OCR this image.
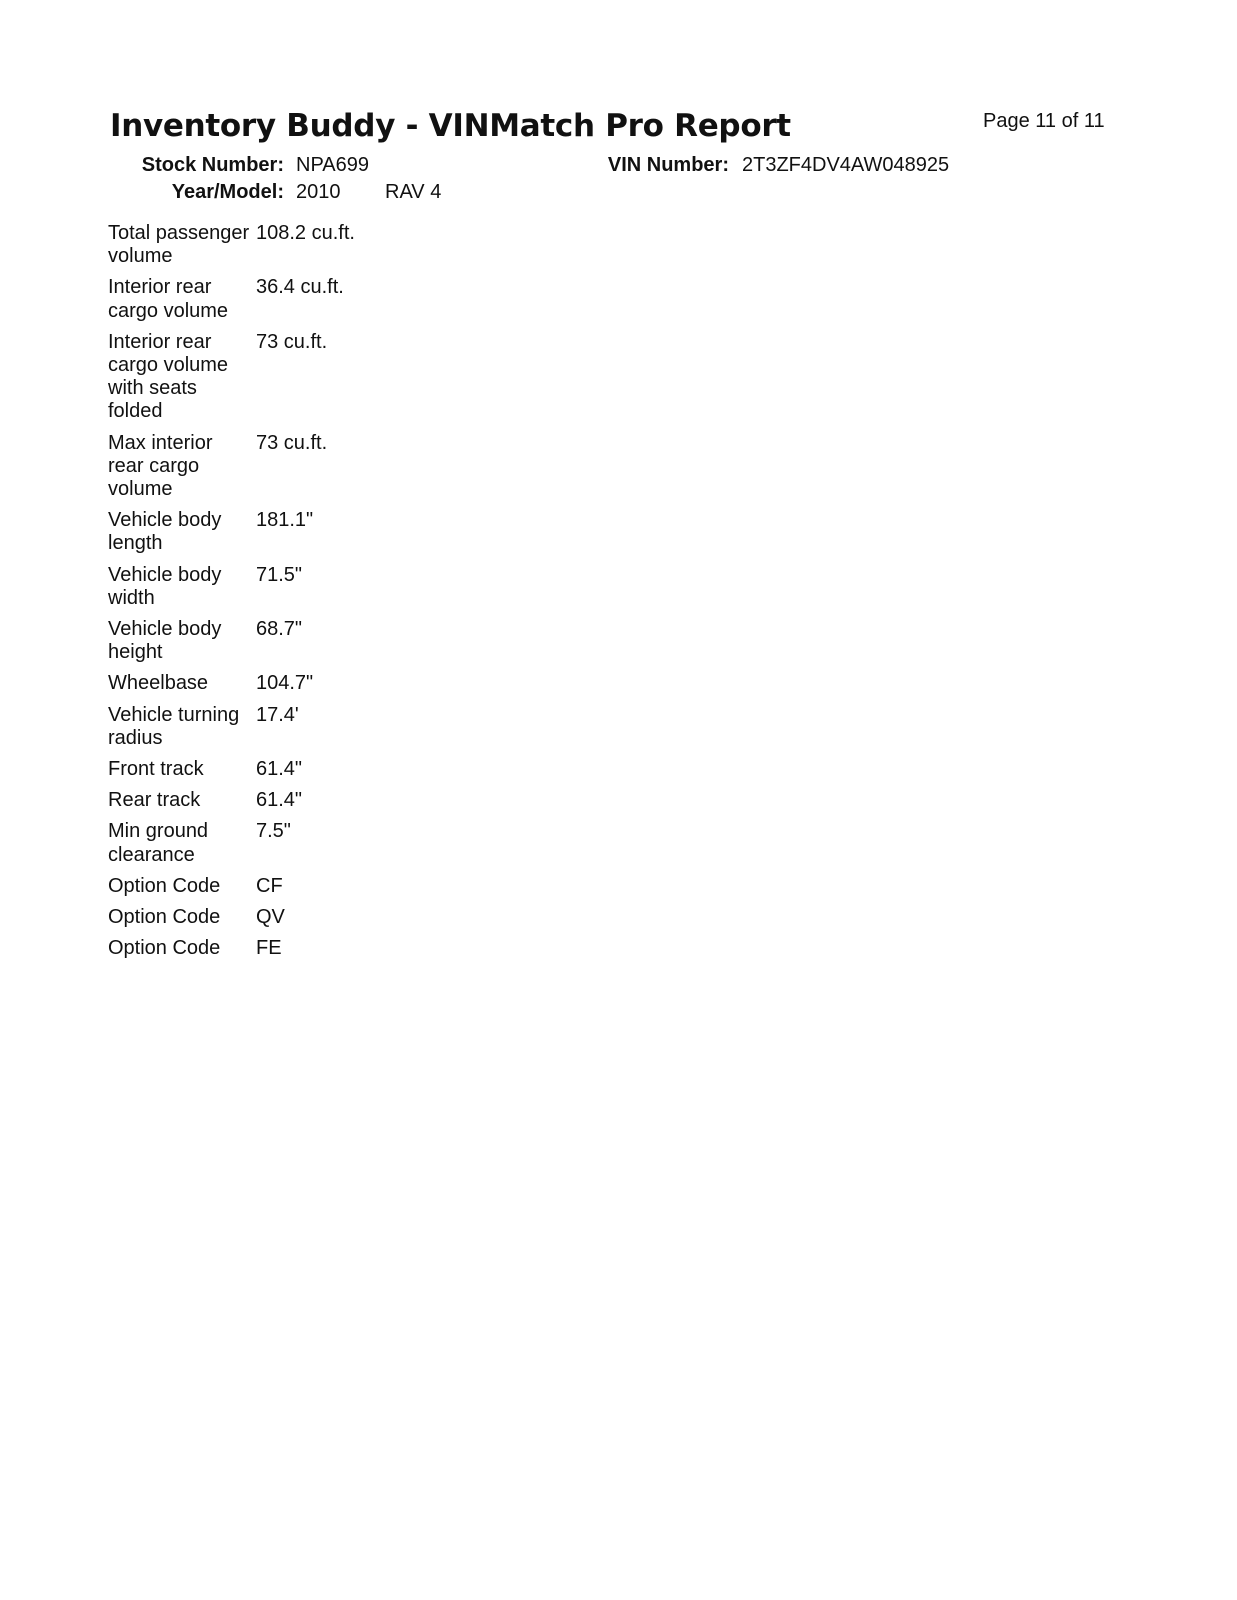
Inventory Buddy - VINMatch Pro Report	Page 11 of 11
Stock Number: NPA699	VIN Number: 2T3ZF4DV4AW048925
Year/Model: 2010 RAV 4
Total passenger volume	108.2 cu.ft.
Interior rear cargo volume	36.4 cu.ft.
Interior rear cargo volume with seats folded	73 cu.ft.
Max interior rear cargo volume	73 cu.ft.
Vehicle body length	181.1"
Vehicle body width	71.5"
Vehicle body height	68.7"
Wheelbase	104.7"
Vehicle turning radius	17.4'
Front track	61.4"
Rear track	61.4"
Min ground clearance	7.5"
Option Code	CF
Option Code	QV
Option Code	FE
